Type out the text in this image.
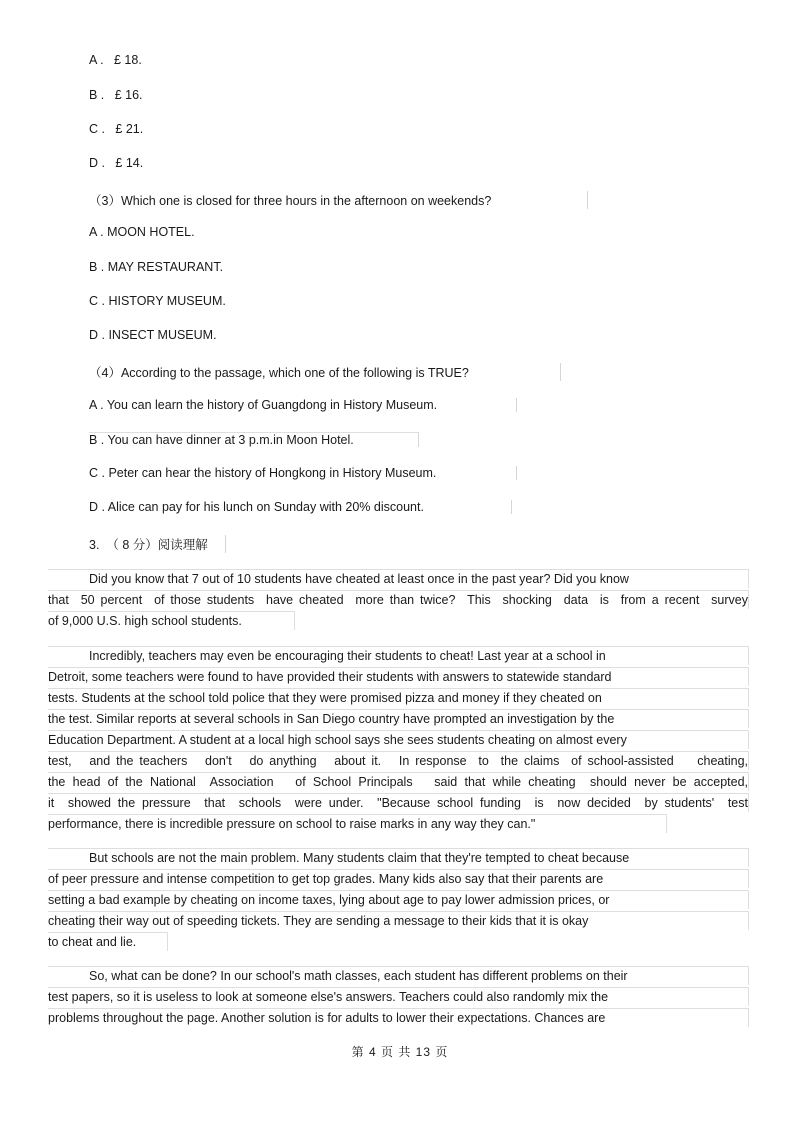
A .   £ 18.
B .   £ 16.
C .   £ 21.
D .   £ 14.
（3）Which one is closed for three hours in the afternoon on weekends?
A . MOON HOTEL.
B . MAY RESTAURANT.
C . HISTORY MUSEUM.
D . INSECT MUSEUM.
（4）According to the passage, which one of the following is TRUE?
A . You can learn the history of Guangdong in History Museum.
B . You can have dinner at 3 p.m.in Moon Hotel.
C . Peter can hear the history of Hongkong in History Museum.
D . Alice can pay for his lunch on Sunday with 20% discount.
3.  （ 8 分）阅读理解
Did you know that 7 out of 10 students have cheated at least once in the past year? Did you know
that  50 percent  of those students  have cheated  more than twice?  This  shocking  data  is  from a recent  survey
of 9,000 U.S. high school students.
Incredibly, teachers may even be encouraging their students to cheat! Last year at a school in
Detroit, some teachers were found to have provided their students with answers to statewide standard
tests. Students at the school told police that they were promised pizza and money if they cheated on
the test. Similar reports at several schools in San Diego country have prompted an investigation by the
Education Department. A student at a local high school says she sees students cheating on almost every
test,   and the teachers   don't   do anything   about it.   In response  to  the claims  of school-assisted    cheating,
the head of the National  Association   of School Principals   said that while cheating  should never be accepted,
it  showed the pressure  that  schools  were under.  "Because school funding  is  now decided  by students'  test
performance, there is incredible pressure on school to raise marks in any way they can."
But schools are not the main problem. Many students claim that they're tempted to cheat because
of peer pressure and intense competition to get top grades. Many kids also say that their parents are
setting a bad example by cheating on income taxes, lying about age to pay lower admission prices, or
cheating their way out of speeding tickets. They are sending a message to their kids that it is okay
to cheat and lie.
So, what can be done? In our school's math classes, each student has different problems on their
test papers, so it is useless to look at someone else's answers. Teachers could also randomly mix the
problems throughout the page. Another solution is for adults to lower their expectations. Chances are
第 4 页 共 13 页
